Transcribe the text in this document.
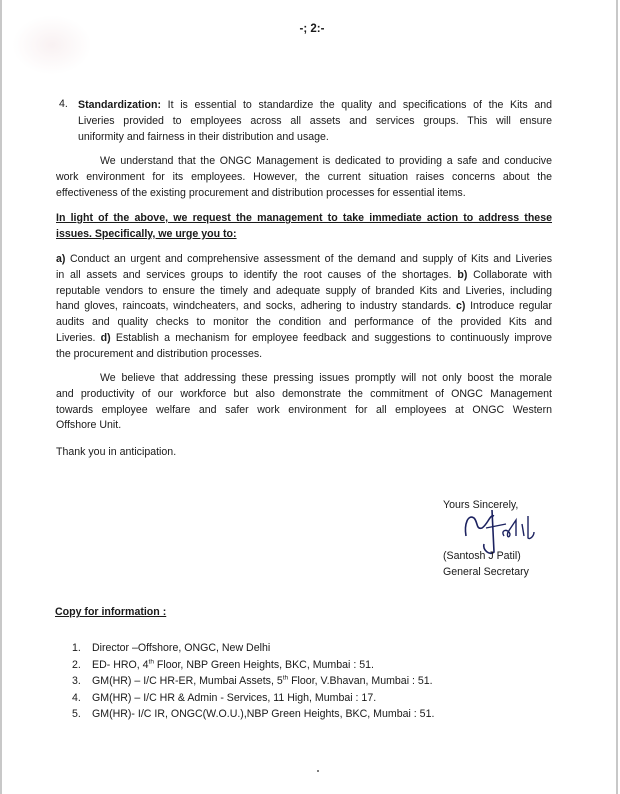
-; 2:-
4. Standardization: It is essential to standardize the quality and specifications of the Kits and
Liveries provided to employees across all assets and services groups. This will ensure
uniformity and fairness in their distribution and usage.
We understand that the ONGC Management is dedicated to providing a safe and conducive
work environment for its employees. However, the current situation raises concerns about the
effectiveness of the existing procurement and distribution processes for essential items.
In light of the above, we request the management to take immediate action to address these
issues. Specifically, we urge you to:
a) Conduct an urgent and comprehensive assessment of the demand and supply of Kits and Liveries
in all assets and services groups to identify the root causes of the shortages. b) Collaborate with
reputable vendors to ensure the timely and adequate supply of branded Kits and Liveries, including
hand gloves, raincoats, windcheaters, and socks, adhering to industry standards. c) Introduce regular
audits and quality checks to monitor the condition and performance of the provided Kits and
Liveries. d) Establish a mechanism for employee feedback and suggestions to continuously improve
the procurement and distribution processes.
We believe that addressing these pressing issues promptly will not only boost the morale
and productivity of our workforce but also demonstrate the commitment of ONGC Management
towards employee welfare and safer work environment for all employees at ONGC Western
Offshore Unit.
Thank you in anticipation.
Yours Sincerely,
(Santosh J Patil)
General Secretary
Copy for information :
1. Director –Offshore, ONGC, New Delhi
2. ED- HRO, 4th Floor, NBP Green Heights, BKC, Mumbai : 51.
3. GM(HR) – I/C HR-ER, Mumbai Assets, 5th Floor, V.Bhavan, Mumbai : 51.
4. GM(HR) – I/C HR & Admin - Services, 11 High, Mumbai : 17.
5. GM(HR)- I/C IR, ONGC(W.O.U.),NBP Green Heights, BKC, Mumbai : 51.
